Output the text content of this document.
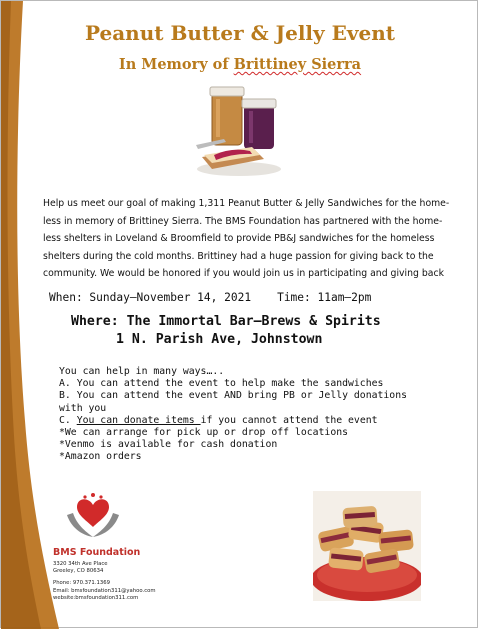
Peanut Butter & Jelly Event
In Memory of Brittiney Sierra
Help us meet our goal of making 1,311 Peanut Butter & Jelly Sandwiches for the home-
less in memory of Brittiney Sierra. The BMS Foundation has partnered with the home-
less shelters in Loveland & Broomfield to provide PB&J sandwiches for the homeless
shelters during the cold months. Brittiney had a huge passion for giving back to the
community. We would be honored if you would join us in participating and giving back
When: Sunday–November 14, 2021 Time: 11am–2pm
Where: The Immortal Bar–Brews & Spirits
1 N. Parish Ave, Johnstown
You can help in many ways…..
A. You can attend the event to help make the sandwiches
B. You can attend the event AND bring PB or Jelly donations
with you
C. You can donate items if you cannot attend the event
*We can arrange for pick up or drop off locations
*Venmo is available for cash donation
*Amazon orders
BMS Foundation
3320 34th Ave Place
Greeley, CO 80634
Phone: 970.371.1369
Email: bmsfoundation311@yahoo.com
website:bmsfoundation311.com
